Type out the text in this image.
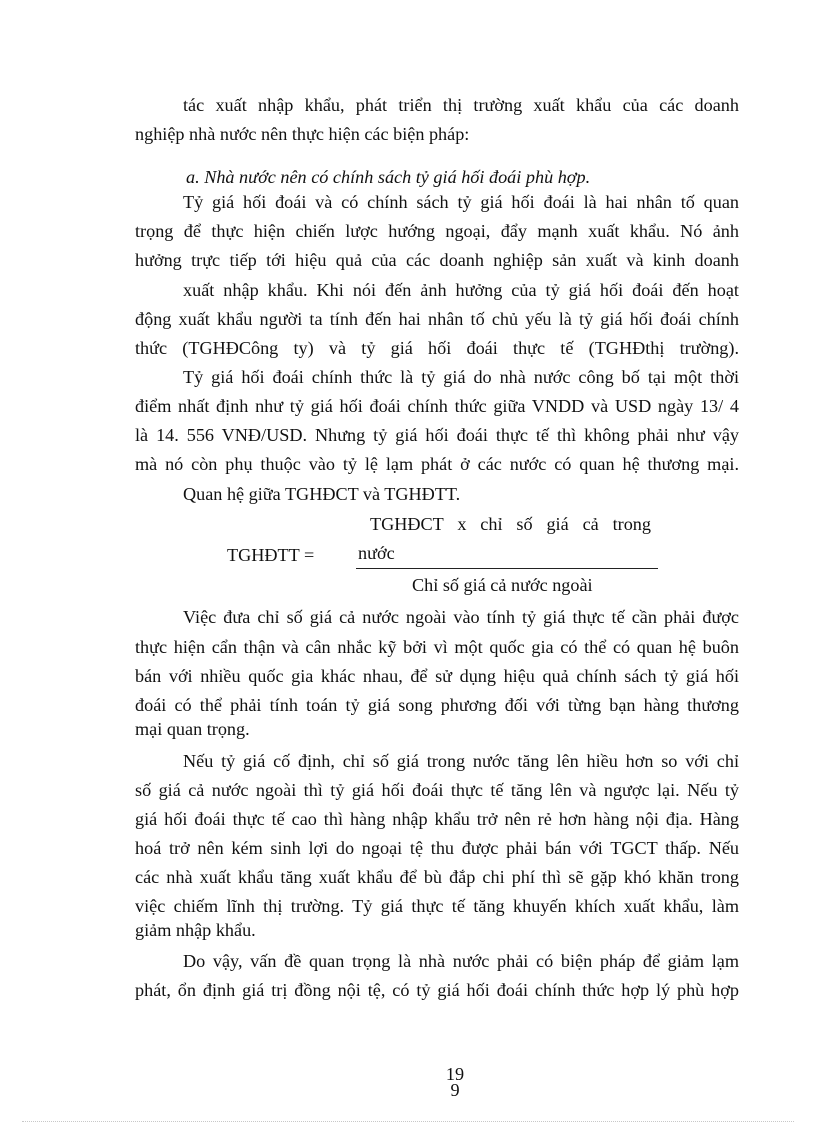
tác xuất nhập khẩu, phát triển thị trường xuất khẩu của các doanh
nghiệp nhà nước nên thực hiện các biện pháp:
a. Nhà nước nên có chính sách tỷ giá hối đoái phù hợp.
Tỷ giá hối đoái và có chính sách tỷ giá hối đoái là hai nhân tố quan
trọng để thực hiện chiến lược hướng ngoại, đẩy mạnh xuất khẩu. Nó ảnh
hưởng trực tiếp tới hiệu quả của các doanh nghiệp sản xuất và kinh doanh
xuất nhập khẩu. Khi nói đến ảnh hưởng của tỷ giá hối đoái đến hoạt
động xuất khẩu người ta tính đến hai nhân tố chủ yếu là tỷ giá hối đoái chính
thức (TGHĐCông ty) và tỷ giá hối đoái thực tế (TGHĐthị trường).
Tỷ giá hối đoái chính thức là tỷ giá do nhà nước công bố tại một thời
điểm nhất định như tỷ giá hối đoái chính thức giữa VNDD và USD ngày 13/ 4
là 14. 556 VNĐ/USD. Nhưng tỷ giá hối đoái thực tế thì không phải như vậy
mà nó còn phụ thuộc vào tỷ lệ lạm phát ở các nước có quan hệ thương mại.
Quan hệ giữa TGHĐCT và TGHĐTT.
TGHĐTT =
TGHĐCT x chỉ số giá cả trong
nước
Chỉ số giá cả nước ngoài
Việc đưa chỉ số giá cả nước ngoài vào tính tỷ giá thực tế cần phải được
thực hiện cẩn thận và cân nhắc kỹ bởi vì một quốc gia có thể có quan hệ buôn
bán với nhiều quốc gia khác nhau, để sử dụng hiệu quả chính sách tỷ giá hối
đoái có thể phải tính toán tỷ giá song phương đối với từng bạn hàng thương
mại quan trọng.
Nếu tỷ giá cố định, chỉ số giá trong nước tăng lên hiều hơn so với chỉ
số giá cả nước ngoài thì tỷ giá hối đoái thực tế tăng lên và ngược lại. Nếu tỷ
giá hối đoái thực tế cao thì hàng nhập khẩu trở nên rẻ hơn hàng nội địa. Hàng
hoá trở nên kém sinh lợi do ngoại tệ thu được phải bán với TGCT thấp. Nếu
các nhà xuất khẩu tăng xuất khẩu để bù đắp chi phí thì sẽ gặp khó khăn trong
việc chiếm lĩnh thị trường. Tỷ giá thực tế tăng khuyến khích xuất khẩu, làm
giảm nhập khẩu.
Do vậy, vấn đề quan trọng là nhà nước phải có biện pháp để giảm lạm
phát, ổn định giá trị đồng nội tệ, có tỷ giá hối đoái chính thức hợp lý phù hợp
19
9
